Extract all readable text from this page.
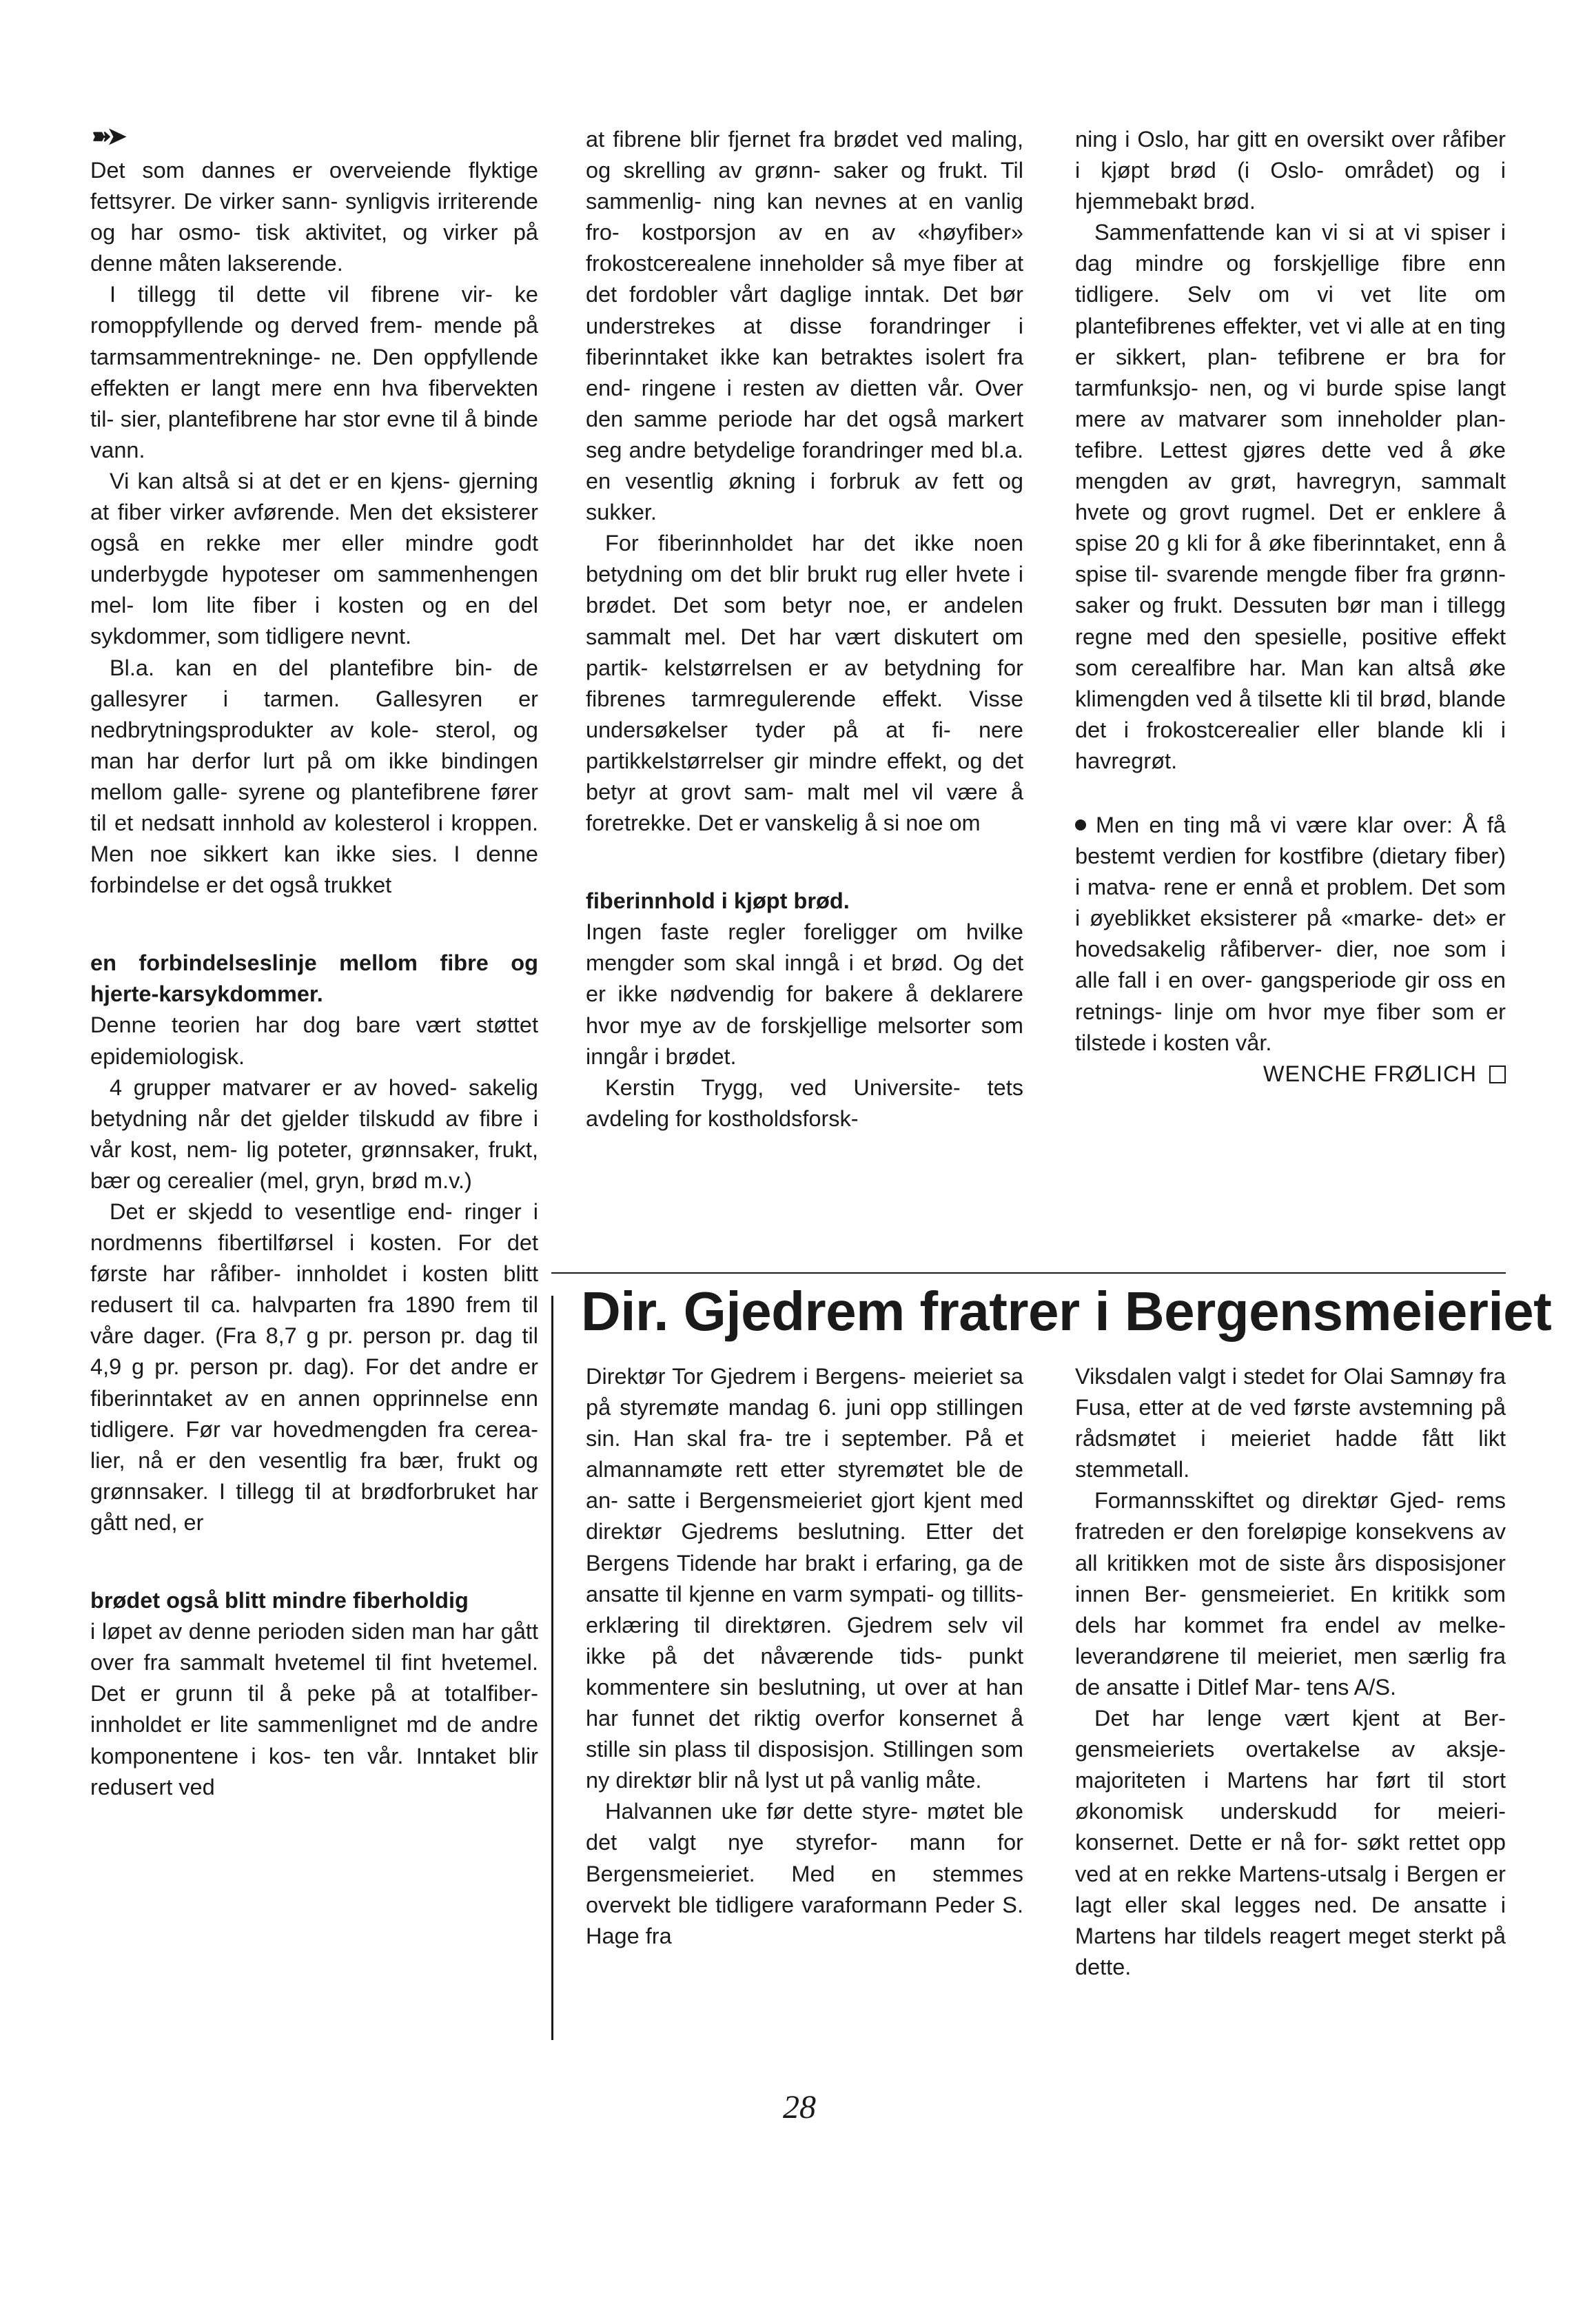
➽➤

Det som dannes er overveiende flyktige fettsyrer. De virker sann- synligvis irriterende og har osmo- tisk aktivitet, og virker på denne måten lakserende.

I tillegg til dette vil fibrene vir- ke romoppfyllende og derved frem- mende på tarmsammentrekninge- ne. Den oppfyllende effekten er langt mere enn hva fibervekten til- sier, plantefibrene har stor evne til å binde vann.

Vi kan altså si at det er en kjens- gjerning at fiber virker avførende. Men det eksisterer også en rekke mer eller mindre godt underbygde hypoteser om sammenhengen mel- lom lite fiber i kosten og en del sykdommer, som tidligere nevnt.

Bl.a. kan en del plantefibre bin- de gallesyrer i tarmen. Gallesyren er nedbrytningsprodukter av kole- sterol, og man har derfor lurt på om ikke bindingen mellom galle- syrene og plantefibrene fører til et nedsatt innhold av kolesterol i kroppen. Men noe sikkert kan ikke sies. I denne forbindelse er det også trukket

en forbindelseslinje mellom fibre og hjerte-karsykdommer.

Denne teorien har dog bare vært støttet epidemiologisk.

4 grupper matvarer er av hoved- sakelig betydning når det gjelder tilskudd av fibre i vår kost, nem- lig poteter, grønnsaker, frukt, bær og cerealier (mel, gryn, brød m.v.)

Det er skjedd to vesentlige end- ringer i nordmenns fibertilførsel i kosten. For det første har råfiber- innholdet i kosten blitt redusert til ca. halvparten fra 1890 frem til våre dager. (Fra 8,7 g pr. person pr. dag til 4,9 g pr. person pr. dag). For det andre er fiberinntaket av en annen opprinnelse enn tidligere. Før var hovedmengden fra cerea- lier, nå er den vesentlig fra bær, frukt og grønnsaker. I tillegg til at brødforbruket har gått ned, er

brødet også blitt mindre fiberholdig

i løpet av denne perioden siden man har gått over fra sammalt hvetemel til fint hvetemel. Det er grunn til å peke på at totalfiber- innholdet er lite sammenlignet md de andre komponentene i kos- ten vår. Inntaket blir redusert ved

at fibrene blir fjernet fra brødet ved maling, og skrelling av grønn- saker og frukt. Til sammenlig- ning kan nevnes at en vanlig fro- kostporsjon av en av «høyfiber» frokostcerealene inneholder så mye fiber at det fordobler vårt daglige inntak. Det bør understrekes at disse forandringer i fiberinntaket ikke kan betraktes isolert fra end- ringene i resten av dietten vår. Over den samme periode har det også markert seg andre betydelige forandringer med bl.a. en vesentlig økning i forbruk av fett og sukker.

For fiberinnholdet har det ikke noen betydning om det blir brukt rug eller hvete i brødet. Det som betyr noe, er andelen sammalt mel. Det har vært diskutert om partik- kelstørrelsen er av betydning for fibrenes tarmregulerende effekt. Visse undersøkelser tyder på at fi- nere partikkelstørrelser gir mindre effekt, og det betyr at grovt sam- malt mel vil være å foretrekke. Det er vanskelig å si noe om

fiberinnhold i kjøpt brød.

Ingen faste regler foreligger om hvilke mengder som skal inngå i et brød. Og det er ikke nødvendig for bakere å deklarere hvor mye av de forskjellige melsorter som inngår i brødet.

Kerstin Trygg, ved Universite- tets avdeling for kostholdsforsk-

ning i Oslo, har gitt en oversikt over råfiber i kjøpt brød (i Oslo- området) og i hjemmebakt brød.

Sammenfattende kan vi si at vi spiser i dag mindre og forskjellige fibre enn tidligere. Selv om vi vet lite om plantefibrenes effekter, vet vi alle at en ting er sikkert, plan- tefibrene er bra for tarmfunksjo- nen, og vi burde spise langt mere av matvarer som inneholder plan- tefibre. Lettest gjøres dette ved å øke mengden av grøt, havregryn, sammalt hvete og grovt rugmel. Det er enklere å spise 20 g kli for å øke fiberinntaket, enn å spise til- svarende mengde fiber fra grønn- saker og frukt. Dessuten bør man i tillegg regne med den spesielle, positive effekt som cerealfibre har. Man kan altså øke klimengden ved å tilsette kli til brød, blande det i frokostcerealier eller blande kli i havregrøt.

Men en ting må vi være klar over: Å få bestemt verdien for kostfibre (dietary fiber) i matva- rene er ennå et problem. Det som i øyeblikket eksisterer på «marke- det» er hovedsakelig råfiberver- dier, noe som i alle fall i en over- gangsperiode gir oss en retnings- linje om hvor mye fiber som er tilstede i kosten vår.

WENCHE FRØLICH

Dir. Gjedrem fratrer i Bergensmeieriet

Direktør Tor Gjedrem i Bergens- meieriet sa på styremøte mandag 6. juni opp stillingen sin. Han skal fra- tre i september. På et almannamøte rett etter styremøtet ble de an- satte i Bergensmeieriet gjort kjent med direktør Gjedrems beslutning. Etter det Bergens Tidende har brakt i erfaring, ga de ansatte til kjenne en varm sympati- og tillits- erklæring til direktøren. Gjedrem selv vil ikke på det nåværende tids- punkt kommentere sin beslutning, ut over at han har funnet det riktig overfor konsernet å stille sin plass til disposisjon. Stillingen som ny direktør blir nå lyst ut på vanlig måte.

Halvannen uke før dette styre- møtet ble det valgt nye styrefor- mann for Bergensmeieriet. Med en stemmes overvekt ble tidligere varaformann Peder S. Hage fra

Viksdalen valgt i stedet for Olai Samnøy fra Fusa, etter at de ved første avstemning på rådsmøtet i meieriet hadde fått likt stemmetall.

Formannsskiftet og direktør Gjed- rems fratreden er den foreløpige konsekvens av all kritikken mot de siste års disposisjoner innen Ber- gensmeieriet. En kritikk som dels har kommet fra endel av melke- leverandørene til meieriet, men særlig fra de ansatte i Ditlef Mar- tens A/S.

Det har lenge vært kjent at Ber- gensmeieriets overtakelse av aksje- majoriteten i Martens har ført til stort økonomisk underskudd for meieri-konsernet. Dette er nå for- søkt rettet opp ved at en rekke Martens-utsalg i Bergen er lagt eller skal legges ned. De ansatte i Martens har tildels reagert meget sterkt på dette.

28
